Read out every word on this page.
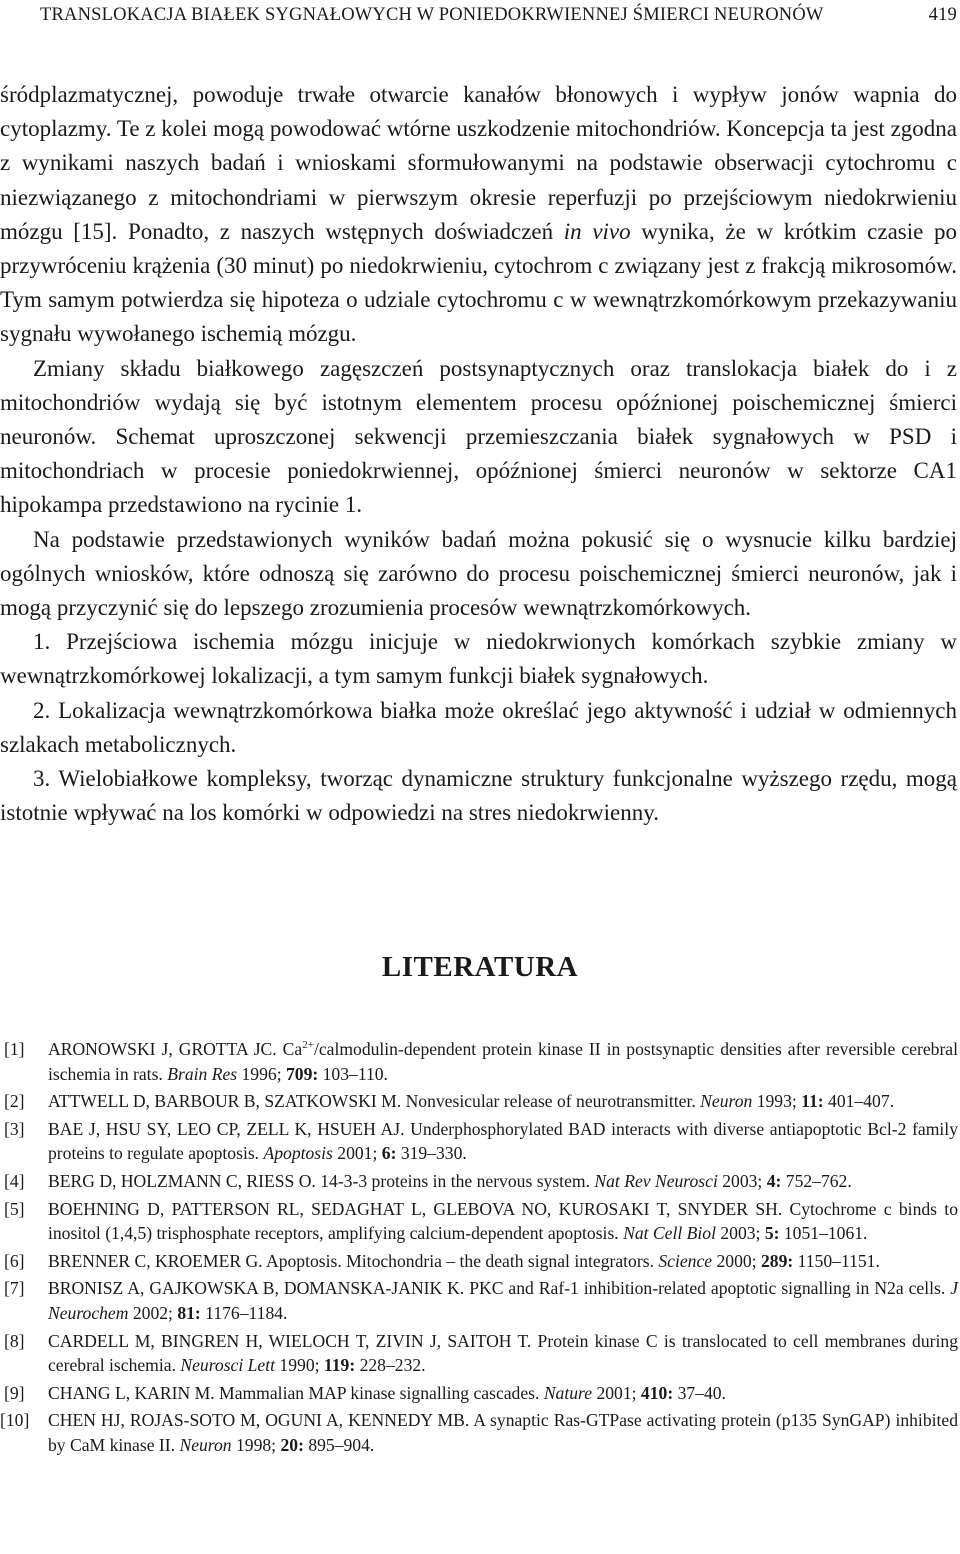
TRANSLOKACJA BIAŁEK SYGNAŁOWYCH W PONIEDOKRWIENNEJ ŚMIERCI NEURONÓW	419

śródplazmatycznej, powoduje trwałe otwarcie kanałów błonowych i wypływ jonów wapnia do cytoplazmy. Te z kolei mogą powodować wtórne uszkodzenie mitochondriów. Koncepcja ta jest zgodna z wynikami naszych badań i wnioskami sformułowanymi na podstawie obserwacji cytochromu c niezwiązanego z mitochondriami w pierwszym okresie reperfuzji po przejściowym niedokrwieniu mózgu [15]. Ponadto, z naszych wstępnych doświadczeń in vivo wynika, że w krótkim czasie po przywróceniu krążenia (30 minut) po niedokrwieniu, cytochrom c związany jest z frakcją mikrosomów. Tym samym potwierdza się hipoteza o udziale cytochromu c w wewnątrzkomórkowym przekazywaniu sygnału wywołanego ischemią mózgu.

Zmiany składu białkowego zagęszczeń postsynaptycznych oraz translokacja białek do i z mitochondriów wydają się być istotnym elementem procesu opóźnionej poischemicznej śmierci neuronów. Schemat uproszczonej sekwencji przemieszczania białek sygnałowych w PSD i mitochondriach w procesie poniedokrwiennej, opóźnionej śmierci neuronów w sektorze CA1 hipokampa przedstawiono na rycinie 1.

Na podstawie przedstawionych wyników badań można pokusić się o wysnucie kilku bardziej ogólnych wniosków, które odnoszą się zarówno do procesu poischemicznej śmierci neuronów, jak i mogą przyczynić się do lepszego zrozumienia procesów wewnątrzkomórkowych.

1. Przejściowa ischemia mózgu inicjuje w niedokrwionych komórkach szybkie zmiany w wewnątrzkomórkowej lokalizacji, a tym samym funkcji białek sygnałowych.

2. Lokalizacja wewnątrzkomórkowa białka może określać jego aktywność i udział w odmiennych szlakach metabolicznych.

3. Wielobiałkowe kompleksy, tworząc dynamiczne struktury funkcjonalne wyższego rzędu, mogą istotnie wpływać na los komórki w odpowiedzi na stres niedokrwienny.

LITERATURA

[1] ARONOWSKI J, GROTTA JC. $Ca^{2+}/calmodulin$-dependent protein kinase II in postsynaptic densities after reversible cerebral ischemia in rats. Brain Res 1996; 709: 103–110.

[2] ATTWELL D, BARBOUR B, SZATKOWSKI M. Nonvesicular release of neurotransmitter. Neuron 1993; 11: 401–407.

[3] BAE J, HSU SY, LEO CP, ZELL K, HSUEH AJ. Underphosphorylated BAD interacts with diverse antiapoptotic Bcl-2 family proteins to regulate apoptosis. Apoptosis 2001; 6: 319–330.

[4] BERG D, HOLZMANN C, RIESS O. 14-3-3 proteins in the nervous system. Nat Rev Neurosci 2003; 4: 752–762.

[5] BOEHNING D, PATTERSON RL, SEDAGHAT L, GLEBOVA NO, KUROSAKI T, SNYDER SH. Cytochrome c binds to inositol (1,4,5) trisphosphate receptors, amplifying calcium-dependent apoptosis. Nat Cell Biol 2003; 5: 1051–1061.

[6] BRENNER C, KROEMER G. Apoptosis. Mitochondria – the death signal integrators. Science 2000; 289: 1150–1151.

[7] BRONISZ A, GAJKOWSKA B, DOMANSKA-JANIK K. PKC and Raf-1 inhibition-related apoptotic signalling in N2a cells. J Neurochem 2002; 81: 1176–1184.

[8] CARDELL M, BINGREN H, WIELOCH T, ZIVIN J, SAITOH T. Protein kinase C is translocated to cell membranes during cerebral ischemia. Neurosci Lett 1990; 119: 228–232.

[9] CHANG L, KARIN M. Mammalian MAP kinase signalling cascades. Nature 2001; 410: 37–40.

[10] CHEN HJ, ROJAS-SOTO M, OGUNI A, KENNEDY MB. A synaptic Ras-GTPase activating protein (p135 SynGAP) inhibited by CaM kinase II. Neuron 1998; 20: 895–904.
